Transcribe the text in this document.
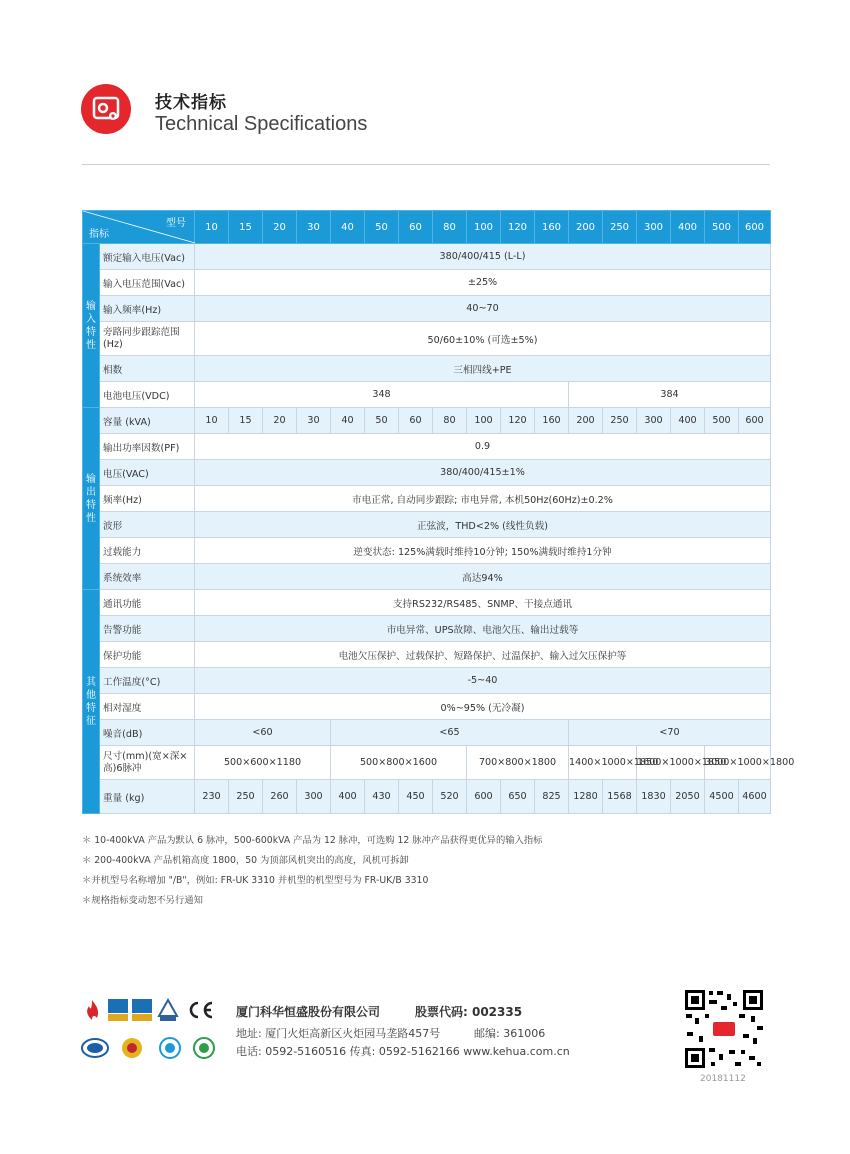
技术指标
Technical Specifications
型号
指标		10	15	20	30	40	50	60	80	100	120	160	200	250	300	400	500	600
输入特性	额定输入电压(Vac)	380/400/415 (L-L)																
	输入电压范围(Vac)	±25%																
	输入频率(Hz)	40~70																
	旁路同步跟踪范围(Hz)	50/60±10% (可选±5%)																
	相数	三相四线+PE																
	电池电压(VDC)	348											384					
输出特性	容量 (kVA)	10	15	20	30	40	50	60	80	100	120	160	200	250	300	400	500	600
	输出功率因数(PF)	0.9																
	电压(VAC)	380/400/415±1%																
	频率(Hz)	市电正常, 自动同步跟踪; 市电异常, 本机50Hz(60Hz)±0.2%																
	波形	正弦波，THD<2% (线性负载)																
	过载能力	逆变状态: 125%满载时维持10分钟; 150%满载时维持1分钟																
	系统效率	高达94%																
其他特征	通讯功能	支持RS232/RS485、SNMP、干接点通讯																
	告警功能	市电异常、UPS故障、电池欠压、输出过载等																
	保护功能	电池欠压保护、过载保护、短路保护、过温保护、输入过欠压保护等																
	工作温度(°C)	-5~40																
	相对湿度	0%~95% (无冷凝)																
	噪音(dB)	<60				<65							<70					
	尺寸(mm)(宽×深×高)6脉冲	500×600×1180				500×800×1600				700×800×1800			1400×1000×1850		1600×1000×1850		3000×1000×1800	
	重量 (kg)	230	250	260	300	400	430	450	520	600	650	825	1280	1568	1830	2050	4500	4600
＊ 10-400kVA 产品为默认 6 脉冲，500-600kVA 产品为 12 脉冲，可选购 12 脉冲产品获得更优异的输入指标
＊ 200-400kVA 产品机箱高度 1800，50 为顶部风机突出的高度，风机可拆卸
＊并机型号名称增加 "/B"，例如: FR-UK 3310 并机型的机型型号为 FR-UK/B 3310
＊规格指标变动恕不另行通知
厦门科华恒盛股份有限公司	股票代码: 002335
地址: 厦门火炬高新区火炬园马垄路457号	邮编: 361006
电话: 0592-5160516 传真: 0592-5162166 www.kehua.com.cn
20181112
